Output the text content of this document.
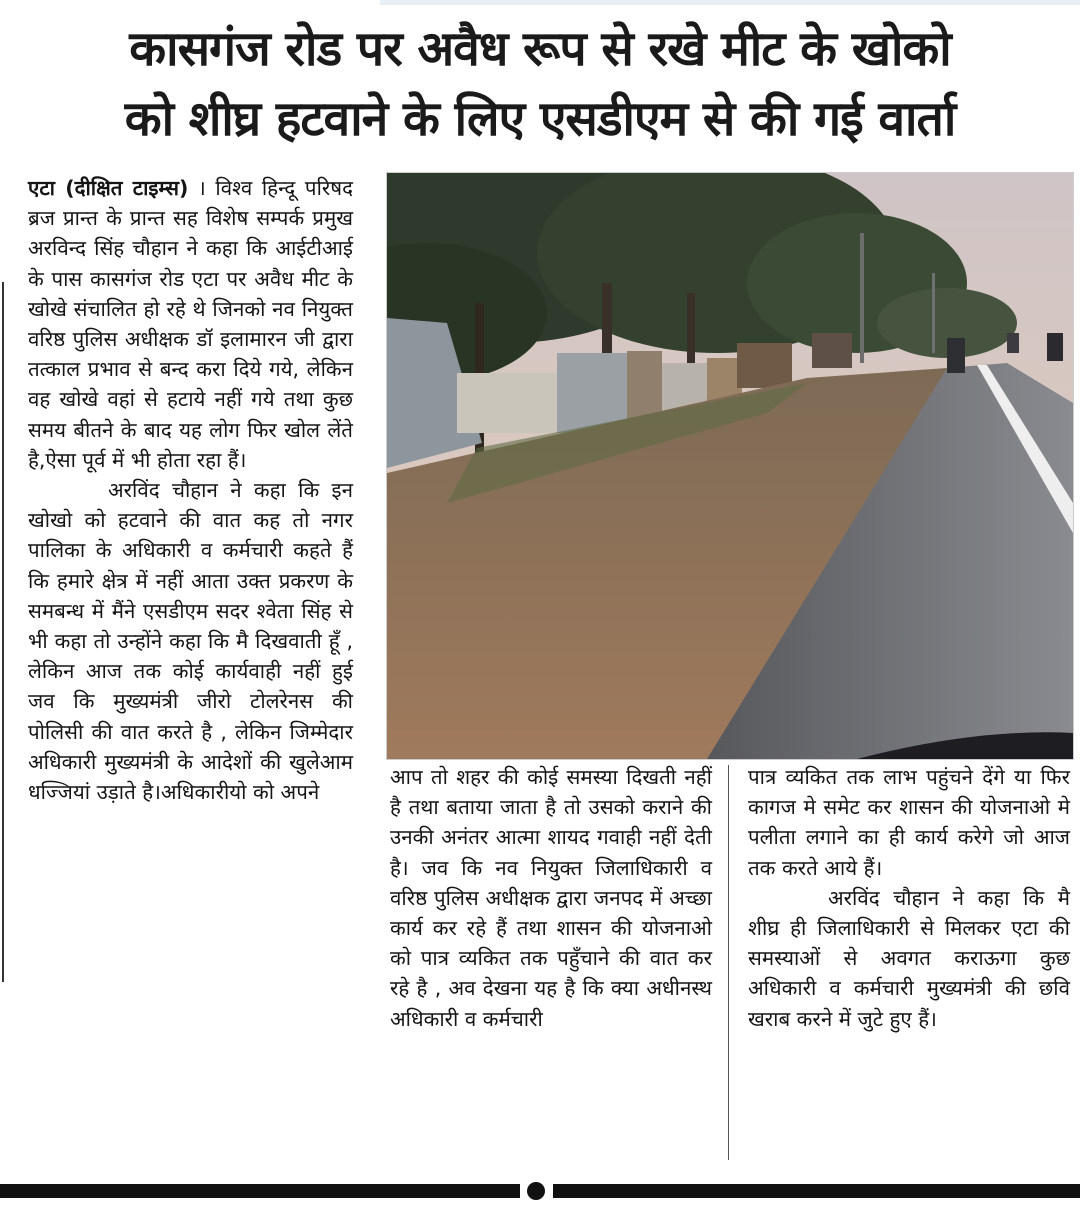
कासगंज रोड पर अवैध रूप से रखे मीट के खोको
को शीघ्र हटवाने के लिए एसडीएम से की गई वार्ता

एटा (दीक्षित टाइम्स) । विश्व हिन्दू परिषद ब्रज प्रान्त के प्रान्त सह विशेष सम्पर्क प्रमुख अरविन्द सिंह चौहान ने कहा कि आईटीआई के पास कासगंज रोड एटा पर अवैध मीट के खोखे संचालित हो रहे थे जिनको नव नियुक्त वरिष्ठ पुलिस अधीक्षक डॉ इलामारन जी द्वारा तत्काल प्रभाव से बन्द करा दिये गये, लेकिन वह खोखे वहां से हटाये नहीं गये तथा कुछ समय बीतने के बाद यह लोग फिर खोल लेंते है,ऐसा पूर्व में भी होता रहा हैं।

अरविंद चौहान ने कहा कि इन खोखो को हटवाने की वात कह तो नगर पालिका के अधिकारी व कर्मचारी कहते हैं कि हमारे क्षेत्र में नहीं आता उक्त प्रकरण के समबन्ध में मैंने एसडीएम सदर श्वेता सिंह से भी कहा तो उन्होंने कहा कि मै दिखवाती हूँ , लेकिन आज तक कोई कार्यवाही नहीं हुई जव कि मुख्यमंत्री जीरो टोलरेनस की पोलिसी की वात करते है , लेकिन जिम्मेदार अधिकारी मुख्यमंत्री के आदेशों की खुलेआम धज्जियां उड़ाते है।अधिकारीयो को अपने

आप तो शहर की कोई समस्या दिखती नहीं है तथा बताया जाता है तो उसको कराने की उनकी अनंतर आत्मा शायद गवाही नहीं देती है। जव कि नव नियुक्त जिलाधिकारी व वरिष्ठ पुलिस अधीक्षक द्वारा जनपद में अच्छा कार्य कर रहे हैं तथा शासन की योजनाओ को पात्र व्यकित तक पहुँचाने की वात कर रहे है , अव देखना यह है कि क्या अधीनस्थ अधिकारी व कर्मचारी

पात्र व्यकित तक लाभ पहुंचने देंगे या फिर कागज मे समेट कर शासन की योजनाओ मे पलीता लगाने का ही कार्य करेगे जो आज तक करते आये हैं।

अरविंद चौहान ने कहा कि मै शीघ्र ही जिलाधिकारी से मिलकर एटा की समस्याओं से अवगत कराऊगा कुछ अधिकारी व कर्मचारी मुख्यमंत्री की छवि खराब करने में जुटे हुए हैं।
